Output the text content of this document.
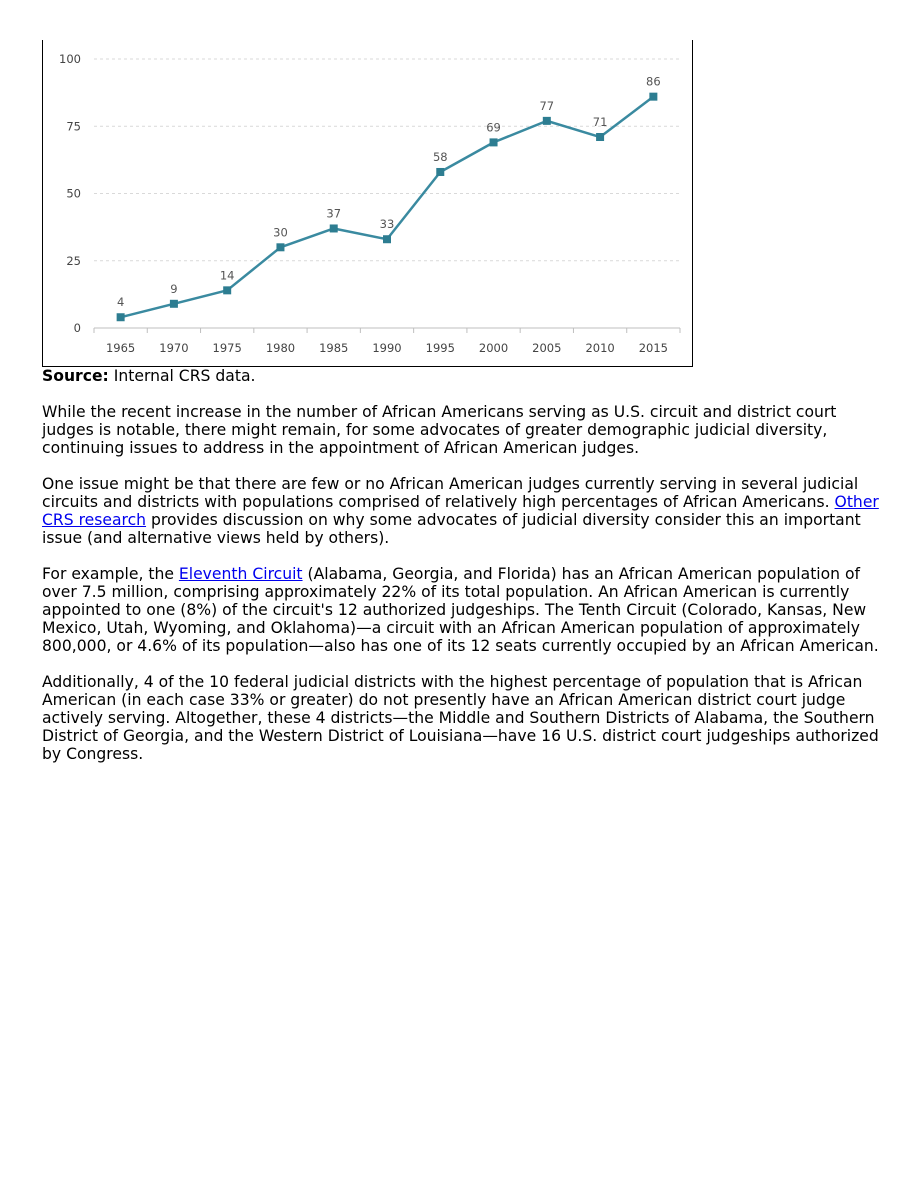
0
25
50
75
100
1965 1970 1975 1980 1985 1990 1995 2000 2005 2010 2015
4
9
14
30
37
33
58
69
77
71
86

Source: Internal CRS data.

While the recent increase in the number of African Americans serving as U.S. circuit and district court judges is notable, there might remain, for some advocates of greater demographic judicial diversity, continuing issues to address in the appointment of African American judges.

One issue might be that there are few or no African American judges currently serving in several judicial circuits and districts with populations comprised of relatively high percentages of African Americans. Other CRS research provides discussion on why some advocates of judicial diversity consider this an important issue (and alternative views held by others).

For example, the Eleventh Circuit (Alabama, Georgia, and Florida) has an African American population of over 7.5 million, comprising approximately 22% of its total population. An African American is currently appointed to one (8%) of the circuit's 12 authorized judgeships. The Tenth Circuit (Colorado, Kansas, New Mexico, Utah, Wyoming, and Oklahoma)—a circuit with an African American population of approximately 800,000, or 4.6% of its population—also has one of its 12 seats currently occupied by an African American.

Additionally, 4 of the 10 federal judicial districts with the highest percentage of population that is African American (in each case 33% or greater) do not presently have an African American district court judge actively serving. Altogether, these 4 districts—the Middle and Southern Districts of Alabama, the Southern District of Georgia, and the Western District of Louisiana—have 16 U.S. district court judgeships authorized by Congress.
